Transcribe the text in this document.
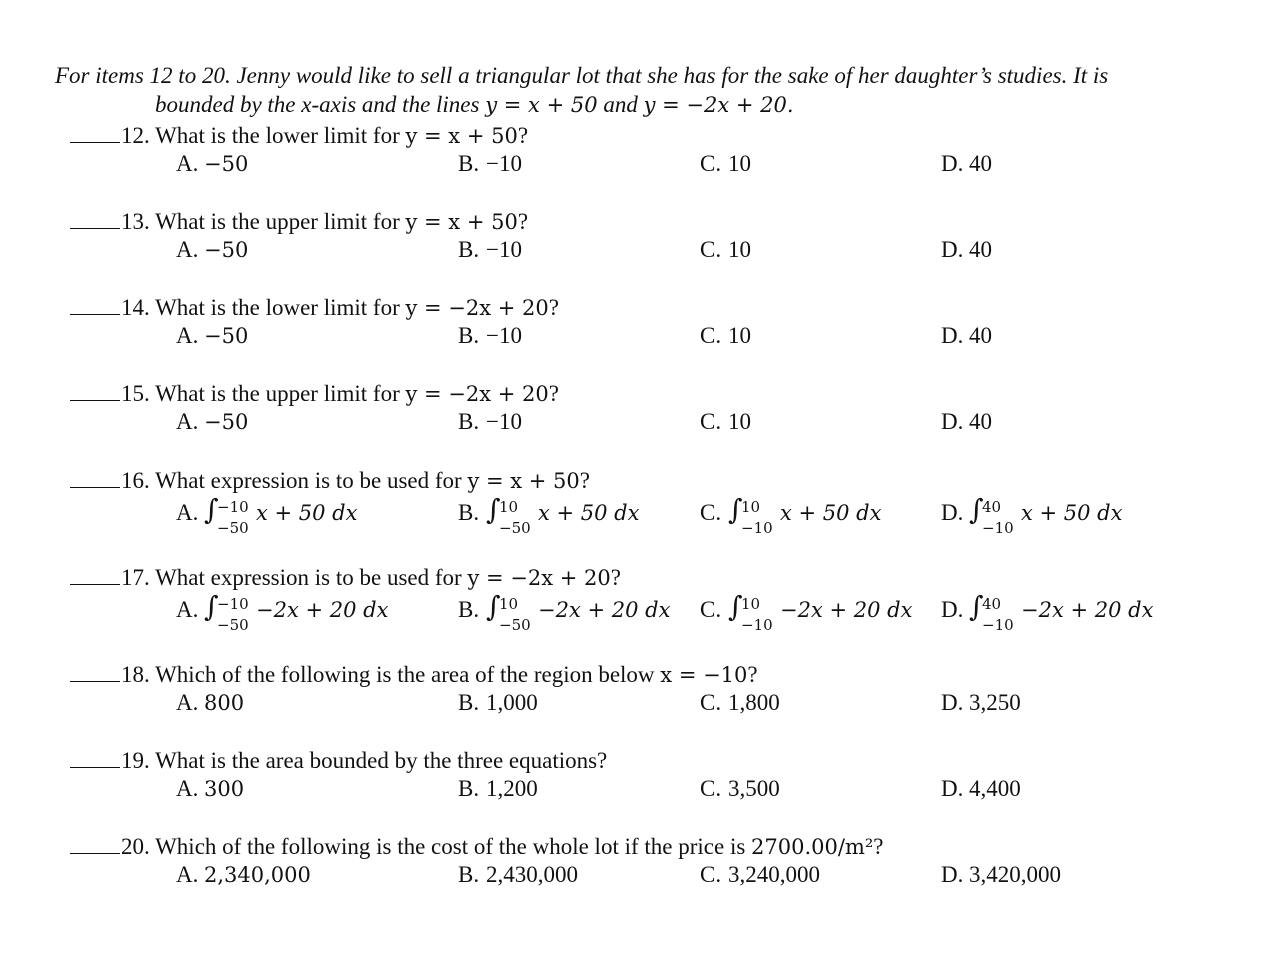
For items 12 to 20. Jenny would like to sell a triangular lot that she has for the sake of her daughter’s studies. It is
bounded by the x-axis and the lines y = x + 50 and y = −2x + 20.
12. What is the lower limit for y = x + 50?
A. −50	B. −10	C. 10	D. 40
13. What is the upper limit for y = x + 50?
A. −50	B. −10	C. 10	D. 40
14. What is the lower limit for y = −2x + 20?
A. −50	B. −10	C. 10	D. 40
15. What is the upper limit for y = −2x + 20?
A. −50	B. −10	C. 10	D. 40
16. What expression is to be used for y = x + 50?
A. ∫
−10
−50
x + 50 dx	B. ∫
10
−50
x + 50 dx	C. ∫
10
−10
x + 50 dx	D. ∫
40
−10
x + 50 dx
17. What expression is to be used for y = −2x + 20?
A. ∫
−10
−50
−2x + 20 dx	B. ∫
10
−50
−2x + 20 dx C. ∫
10
−10
−2x + 20 dx D. ∫
40
−10
−2x + 20 dx
18. Which of the following is the area of the region below x = −10?
A. 800	B. 1,000	C. 1,800	D. 3,250
19. What is the area bounded by the three equations?
A. 300	B. 1,200	C. 3,500	D. 4,400
20. Which of the following is the cost of the whole lot if the price is 2700.00/m²?
A. 2,340,000	B. 2,430,000	C. 3,240,000	D. 3,420,000
